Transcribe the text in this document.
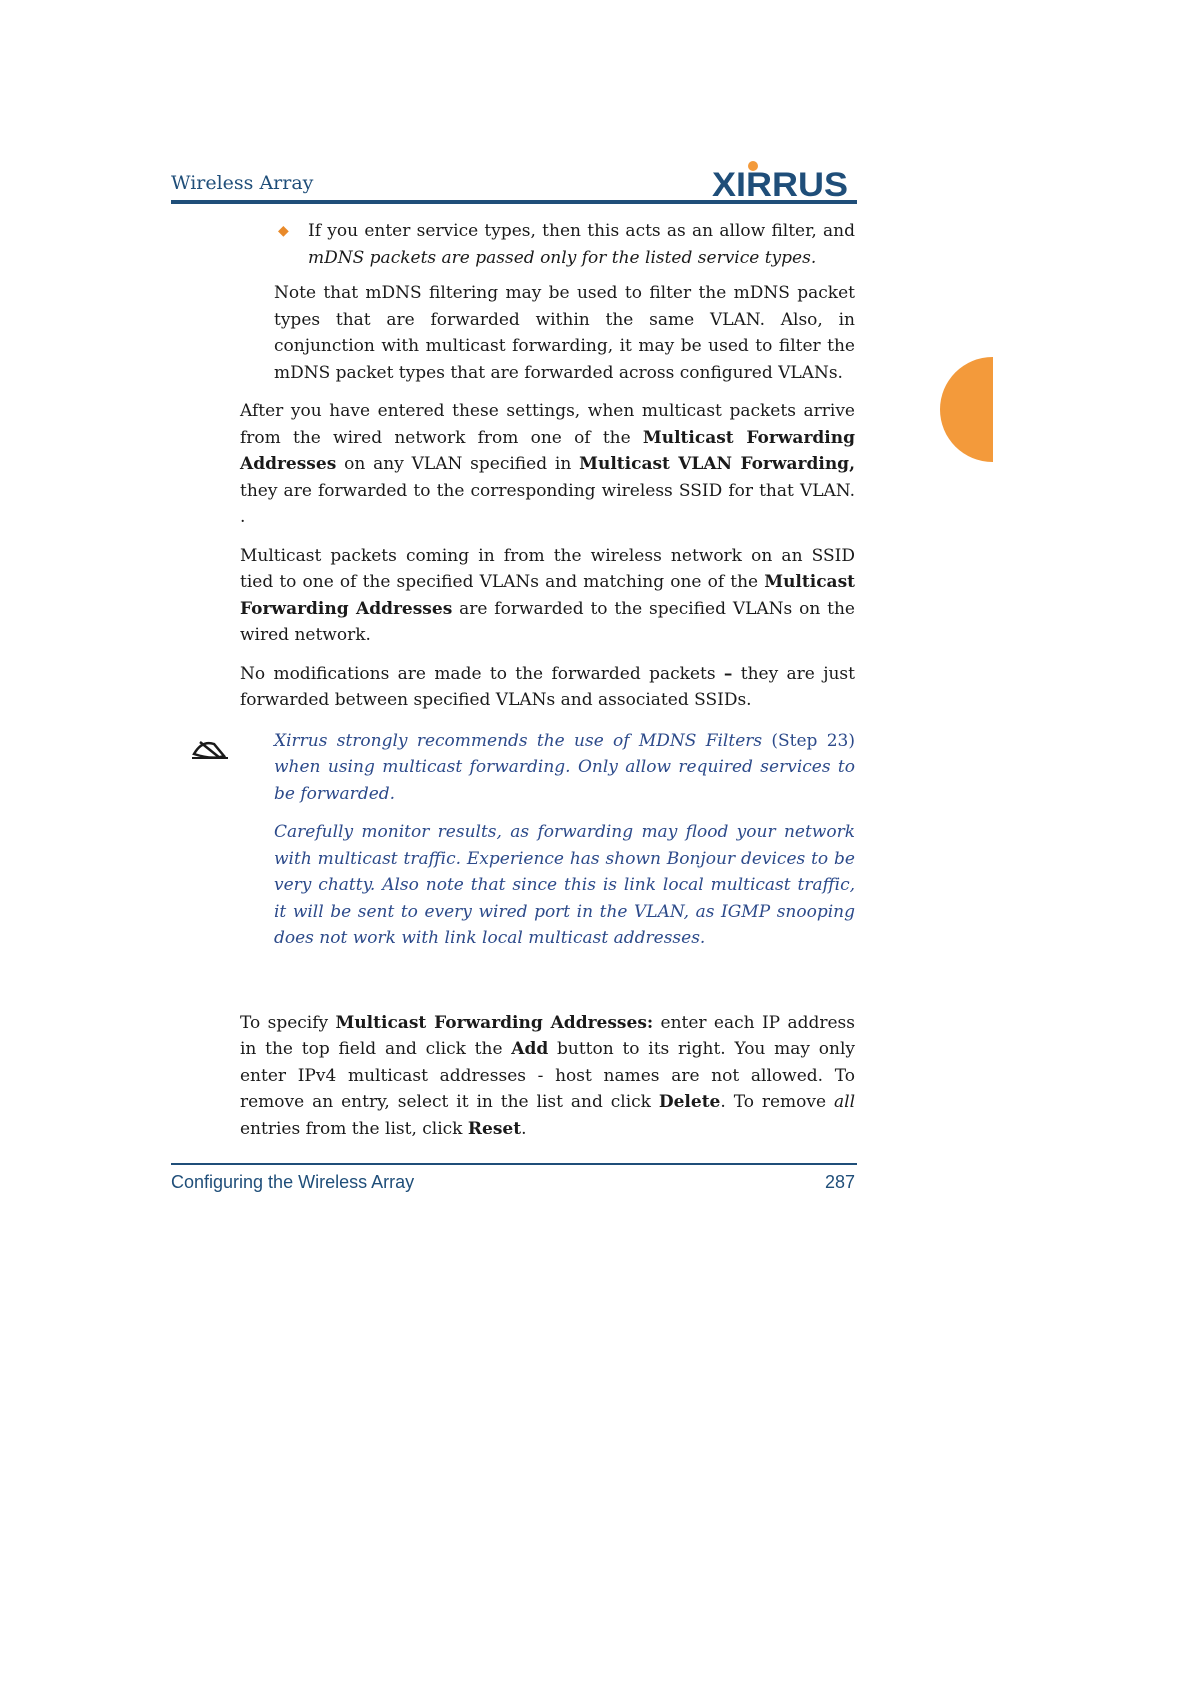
Wireless Array	XIRRUS

◆ If you enter service types, then this acts as an allow filter, and mDNS packets are passed only for the listed service types.

Note that mDNS filtering may be used to filter the mDNS packet types that are forwarded within the same VLAN. Also, in conjunction with multicast forwarding, it may be used to filter the mDNS packet types that are forwarded across configured VLANs.

After you have entered these settings, when multicast packets arrive from the wired network from one of the Multicast Forwarding Addresses on any VLAN specified in Multicast VLAN Forwarding, they are forwarded to the corresponding wireless SSID for that VLAN. .

Multicast packets coming in from the wireless network on an SSID tied to one of the specified VLANs and matching one of the Multicast Forwarding Addresses are forwarded to the specified VLANs on the wired network.

No modifications are made to the forwarded packets – they are just forwarded between specified VLANs and associated SSIDs.

Xirrus strongly recommends the use of MDNS Filters (Step 23) when using multicast forwarding. Only allow required services to be forwarded.

Carefully monitor results, as forwarding may flood your network with multicast traffic. Experience has shown Bonjour devices to be very chatty. Also note that since this is link local multicast traffic, it will be sent to every wired port in the VLAN, as IGMP snooping does not work with link local multicast addresses.

To specify Multicast Forwarding Addresses: enter each IP address in the top field and click the Add button to its right. You may only enter IPv4 multicast addresses - host names are not allowed. To remove an entry, select it in the list and click Delete. To remove all entries from the list, click Reset.

Configuring the Wireless Array	287
